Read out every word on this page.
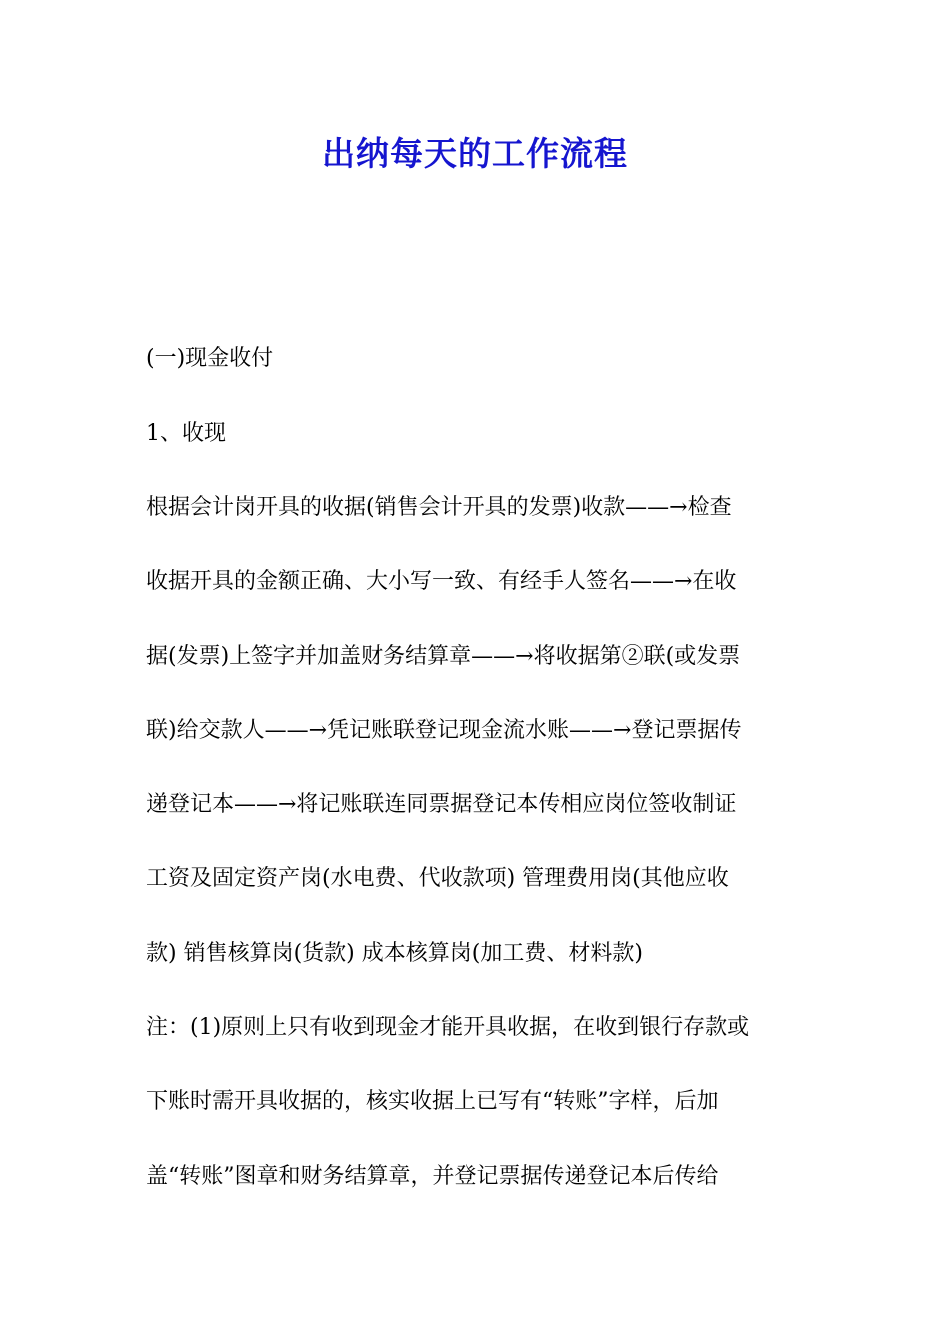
出纳每天的工作流程
(一)现金收付
1、收现
根据会计岗开具的收据(销售会计开具的发票)收款——→检查
收据开具的金额正确、大小写一致、有经手人签名——→在收
据(发票)上签字并加盖财务结算章——→将收据第②联(或发票
联)给交款人——→凭记账联登记现金流水账——→登记票据传
递登记本——→将记账联连同票据登记本传相应岗位签收制证
工资及固定资产岗(水电费、代收款项) 管理费用岗(其他应收
款) 销售核算岗(货款) 成本核算岗(加工费、材料款)
注：(1)原则上只有收到现金才能开具收据，在收到银行存款或
下账时需开具收据的，核实收据上已写有“转账”字样，后加
盖“转账”图章和财务结算章，并登记票据传递登记本后传给
